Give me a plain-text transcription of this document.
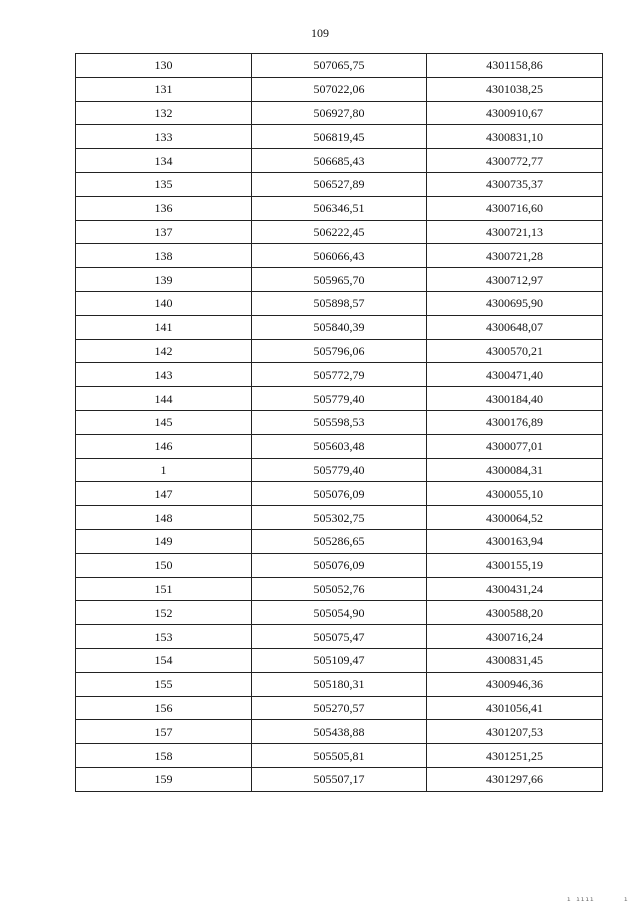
109
130	507065,75	4301158,86
131	507022,06	4301038,25
132	506927,80	4300910,67
133	506819,45	4300831,10
134	506685,43	4300772,77
135	506527,89	4300735,37
136	506346,51	4300716,60
137	506222,45	4300721,13
138	506066,43	4300721,28
139	505965,70	4300712,97
140	505898,57	4300695,90
141	505840,39	4300648,07
142	505796,06	4300570,21
143	505772,79	4300471,40
144	505779,40	4300184,40
145	505598,53	4300176,89
146	505603,48	4300077,01
1	505779,40	4300084,31
147	505076,09	4300055,10
148	505302,75	4300064,52
149	505286,65	4300163,94
150	505076,09	4300155,19
151	505052,76	4300431,24
152	505054,90	4300588,20
153	505075,47	4300716,24
154	505109,47	4300831,45
155	505180,31	4300946,36
156	505270,57	4301056,41
157	505438,88	4301207,53
158	505505,81	4301251,25
159	505507,17	4301297,66
ı ıııı	ı
